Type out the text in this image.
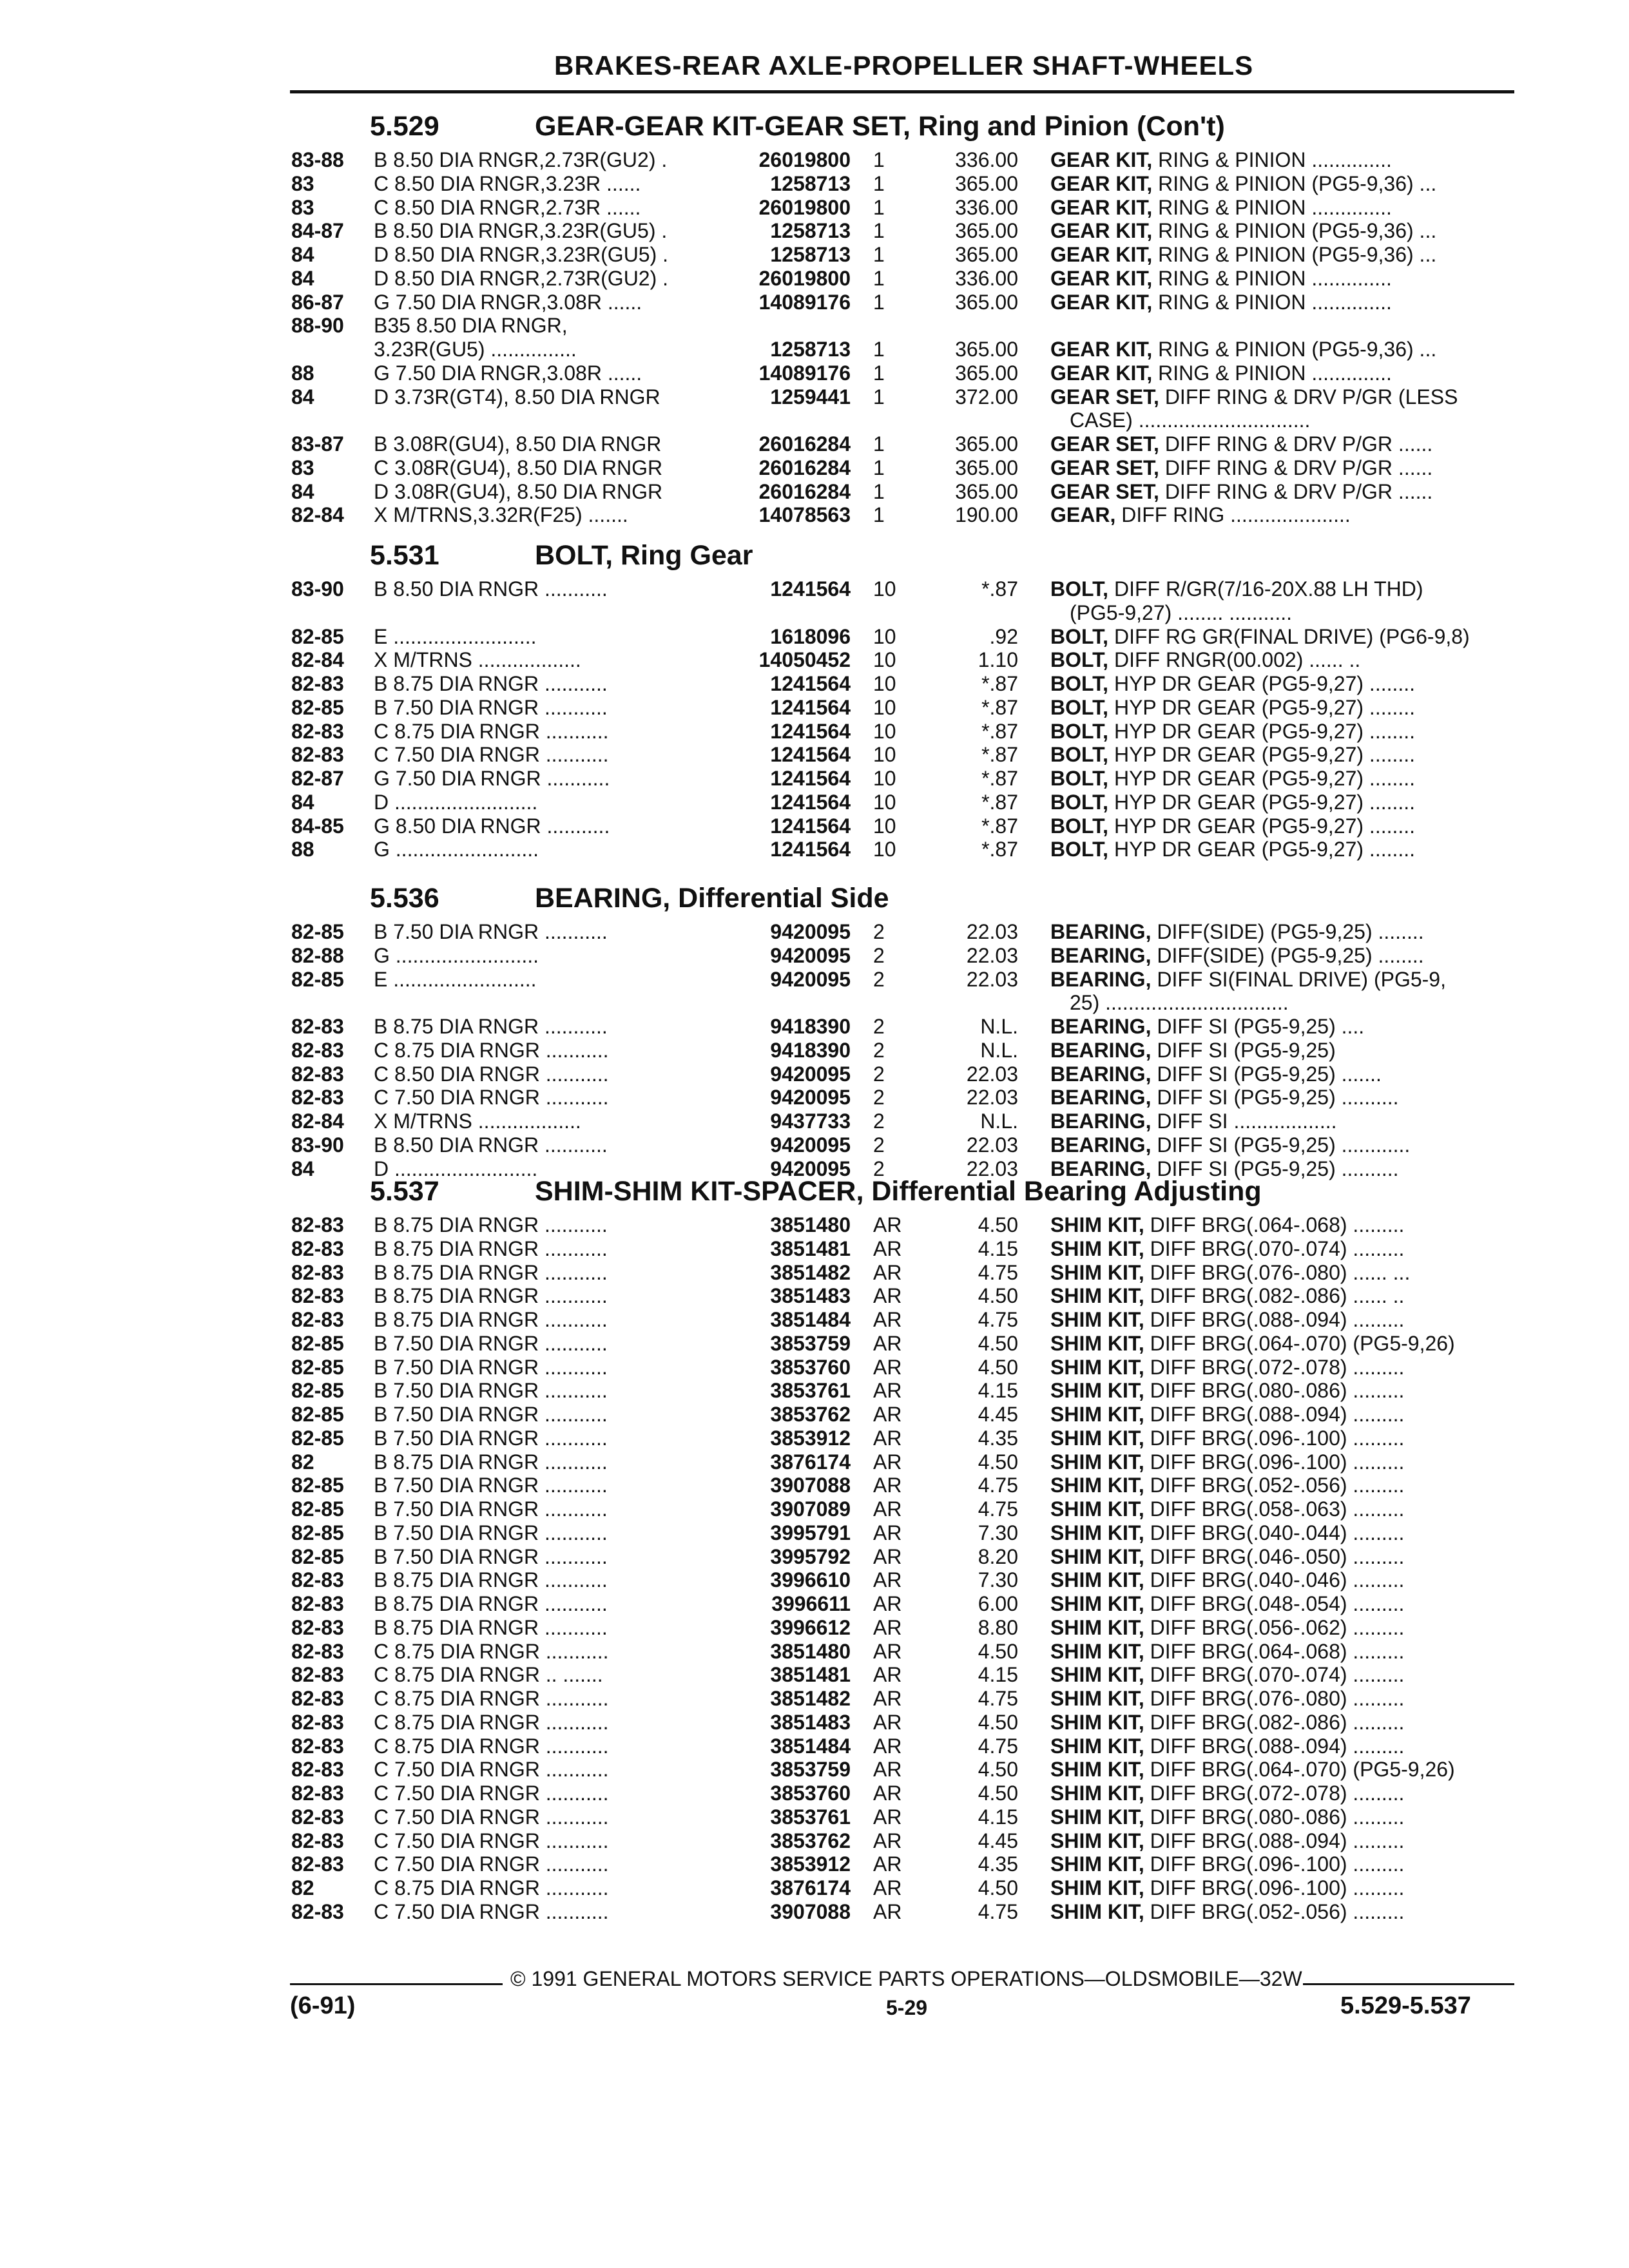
BRAKES-REAR AXLE-PROPELLER SHAFT-WHEELS
5.529	GEAR-GEAR KIT-GEAR SET, Ring and Pinion (Con't)
83-88 B 8.50 DIA RNGR,2.73R(GU2) .	26019800 1	336.00 GEAR KIT, RING & PINION ..............
83	C 8.50 DIA RNGR,3.23R ......	1258713 1	365.00 GEAR KIT, RING & PINION (PG5-9,36) ...
83	C 8.50 DIA RNGR,2.73R ......	26019800 1	336.00 GEAR KIT, RING & PINION ..............
84-87 B 8.50 DIA RNGR,3.23R(GU5) .	1258713 1	365.00 GEAR KIT, RING & PINION (PG5-9,36) ...
84	D 8.50 DIA RNGR,3.23R(GU5) .	1258713 1	365.00 GEAR KIT, RING & PINION (PG5-9,36) ...
84	D 8.50 DIA RNGR,2.73R(GU2) .	26019800 1	336.00 GEAR KIT, RING & PINION ..............
86-87 G 7.50 DIA RNGR,3.08R ......	14089176 1	365.00 GEAR KIT, RING & PINION ..............
88-90 B35 8.50 DIA RNGR,
3.23R(GU5) ...............	1258713 1	365.00 GEAR KIT, RING & PINION (PG5-9,36) ...
88	G 7.50 DIA RNGR,3.08R ......	14089176 1	365.00 GEAR KIT, RING & PINION ..............
84	D 3.73R(GT4), 8.50 DIA RNGR	1259441 1	372.00 GEAR SET, DIFF RING & DRV P/GR (LESS
CASE) ..............................
83-87 B 3.08R(GU4), 8.50 DIA RNGR	26016284 1	365.00 GEAR SET, DIFF RING & DRV P/GR ......
83	C 3.08R(GU4), 8.50 DIA RNGR	26016284 1	365.00 GEAR SET, DIFF RING & DRV P/GR ......
84	D 3.08R(GU4), 8.50 DIA RNGR	26016284 1	365.00 GEAR SET, DIFF RING & DRV P/GR ......
82-84 X M/TRNS,3.32R(F25) .......	14078563 1	190.00 GEAR, DIFF RING .....................
5.531	BOLT, Ring Gear
83-90 B 8.50 DIA RNGR ...........	1241564 10	*.87 BOLT, DIFF R/GR(7/16-20X.88 LH THD)
(PG5-9,27) ........ ...........
82-85 E .........................	1618096 10	.92 BOLT, DIFF RG GR(FINAL DRIVE) (PG6-9,8)
82-84 X M/TRNS ..................	14050452 10	1.10 BOLT, DIFF RNGR(00.002) ...... ..
82-83 B 8.75 DIA RNGR ...........	1241564 10	*.87 BOLT, HYP DR GEAR (PG5-9,27) ........
82-85 B 7.50 DIA RNGR ...........	1241564 10	*.87 BOLT, HYP DR GEAR (PG5-9,27) ........
82-83 C 8.75 DIA RNGR ...........	1241564 10	*.87 BOLT, HYP DR GEAR (PG5-9,27) ........
82-83 C 7.50 DIA RNGR ...........	1241564 10	*.87 BOLT, HYP DR GEAR (PG5-9,27) ........
82-87 G 7.50 DIA RNGR ...........	1241564 10	*.87 BOLT, HYP DR GEAR (PG5-9,27) ........
84	D .........................	1241564 10	*.87 BOLT, HYP DR GEAR (PG5-9,27) ........
84-85 G 8.50 DIA RNGR ...........	1241564 10	*.87 BOLT, HYP DR GEAR (PG5-9,27) ........
88	G .........................	1241564 10	*.87 BOLT, HYP DR GEAR (PG5-9,27) ........
5.536	BEARING, Differential Side
82-85 B 7.50 DIA RNGR ...........	9420095 2	22.03 BEARING, DIFF(SIDE) (PG5-9,25) ........
82-88 G .........................	9420095 2	22.03 BEARING, DIFF(SIDE) (PG5-9,25) ........
82-85 E .........................	9420095 2	22.03 BEARING, DIFF SI(FINAL DRIVE) (PG5-9,
25) ................................
82-83 B 8.75 DIA RNGR ...........	9418390 2	N.L. BEARING, DIFF SI (PG5-9,25) ....
82-83 C 8.75 DIA RNGR ...........	9418390 2	N.L. BEARING, DIFF SI (PG5-9,25)
82-83 C 8.50 DIA RNGR ...........	9420095 2	22.03 BEARING, DIFF SI (PG5-9,25) .......
82-83 C 7.50 DIA RNGR ...........	9420095 2	22.03 BEARING, DIFF SI (PG5-9,25) ..........
82-84 X M/TRNS ..................	9437733 2	N.L. BEARING, DIFF SI ..................
83-90 B 8.50 DIA RNGR ...........	9420095 2	22.03 BEARING, DIFF SI (PG5-9,25) ............
84	D .........................	9420095 2	22.03 BEARING, DIFF SI (PG5-9,25) ..........
5.537	SHIM-SHIM KIT-SPACER, Differential Bearing Adjusting
82-83 B 8.75 DIA RNGR ...........	3851480 AR	4.50 SHIM KIT, DIFF BRG(.064-.068) .........
82-83 B 8.75 DIA RNGR ...........	3851481 AR	4.15 SHIM KIT, DIFF BRG(.070-.074) .........
82-83 B 8.75 DIA RNGR ...........	3851482 AR	4.75 SHIM KIT, DIFF BRG(.076-.080) ...... ...
82-83 B 8.75 DIA RNGR ...........	3851483 AR	4.50 SHIM KIT, DIFF BRG(.082-.086) ...... ..
82-83 B 8.75 DIA RNGR ...........	3851484 AR	4.75 SHIM KIT, DIFF BRG(.088-.094) .........
82-85 B 7.50 DIA RNGR ...........	3853759 AR	4.50 SHIM KIT, DIFF BRG(.064-.070) (PG5-9,26)
82-85 B 7.50 DIA RNGR ...........	3853760 AR	4.50 SHIM KIT, DIFF BRG(.072-.078) .........
82-85 B 7.50 DIA RNGR ...........	3853761 AR	4.15 SHIM KIT, DIFF BRG(.080-.086) .........
82-85 B 7.50 DIA RNGR ...........	3853762 AR	4.45 SHIM KIT, DIFF BRG(.088-.094) .........
82-85 B 7.50 DIA RNGR ...........	3853912 AR	4.35 SHIM KIT, DIFF BRG(.096-.100) .........
82	B 8.75 DIA RNGR ...........	3876174 AR	4.50 SHIM KIT, DIFF BRG(.096-.100) .........
82-85 B 7.50 DIA RNGR ...........	3907088 AR	4.75 SHIM KIT, DIFF BRG(.052-.056) .........
82-85 B 7.50 DIA RNGR ...........	3907089 AR	4.75 SHIM KIT, DIFF BRG(.058-.063) .........
82-85 B 7.50 DIA RNGR ...........	3995791 AR	7.30 SHIM KIT, DIFF BRG(.040-.044) .........
82-85 B 7.50 DIA RNGR ...........	3995792 AR	8.20 SHIM KIT, DIFF BRG(.046-.050) .........
82-83 B 8.75 DIA RNGR ...........	3996610 AR	7.30 SHIM KIT, DIFF BRG(.040-.046) .........
82-83 B 8.75 DIA RNGR ...........	3996611 AR	6.00 SHIM KIT, DIFF BRG(.048-.054) .........
82-83 B 8.75 DIA RNGR ...........	3996612 AR	8.80 SHIM KIT, DIFF BRG(.056-.062) .........
82-83 C 8.75 DIA RNGR ...........	3851480 AR	4.50 SHIM KIT, DIFF BRG(.064-.068) .........
82-83 C 8.75 DIA RNGR .. .......	3851481 AR	4.15 SHIM KIT, DIFF BRG(.070-.074) .........
82-83 C 8.75 DIA RNGR ...........	3851482 AR	4.75 SHIM KIT, DIFF BRG(.076-.080) .........
82-83 C 8.75 DIA RNGR ...........	3851483 AR	4.50 SHIM KIT, DIFF BRG(.082-.086) .........
82-83 C 8.75 DIA RNGR ...........	3851484 AR	4.75 SHIM KIT, DIFF BRG(.088-.094) .........
82-83 C 7.50 DIA RNGR ...........	3853759 AR	4.50 SHIM KIT, DIFF BRG(.064-.070) (PG5-9,26)
82-83 C 7.50 DIA RNGR ...........	3853760 AR	4.50 SHIM KIT, DIFF BRG(.072-.078) .........
82-83 C 7.50 DIA RNGR ...........	3853761 AR	4.15 SHIM KIT, DIFF BRG(.080-.086) .........
82-83 C 7.50 DIA RNGR ...........	3853762 AR	4.45 SHIM KIT, DIFF BRG(.088-.094) .........
82-83 C 7.50 DIA RNGR ...........	3853912 AR	4.35 SHIM KIT, DIFF BRG(.096-.100) .........
82	C 8.75 DIA RNGR ...........	3876174 AR	4.50 SHIM KIT, DIFF BRG(.096-.100) .........
82-83 C 7.50 DIA RNGR ...........	3907088 AR	4.75 SHIM KIT, DIFF BRG(.052-.056) .........
© 1991 GENERAL MOTORS SERVICE PARTS OPERATIONS—OLDSMOBILE—32W
(6-91)	5-29	5.529-5.537
